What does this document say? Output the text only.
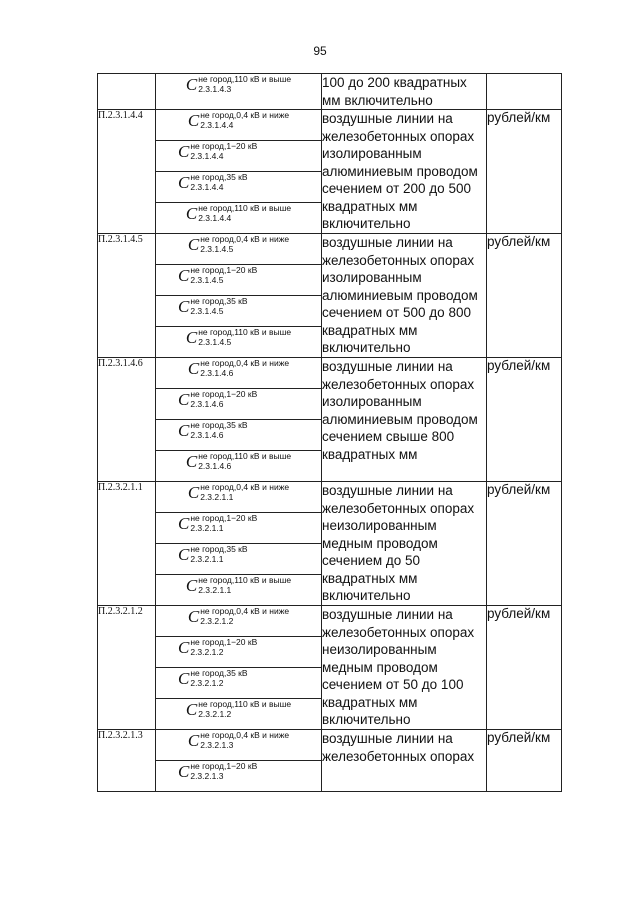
95

	C не город,110 кВ и выше
2.3.1.4.3	100 до 200 квадратных мм включительно	
П.2.3.1.4.4	C не город,0,4 кВ и ниже
2.3.1.4.4	воздушные линии на железобетонных опорах изолированным алюминиевым проводом сечением от 200 до 500 квадратных мм включительно	рублей/км

	C не город,1−20 кВ
2.3.1.4.4		

	C не город,35 кВ
2.3.1.4.4		

	C не город,110 кВ и выше
2.3.1.4.4		

П.2.3.1.4.5	C не город,0,4 кВ и ниже
2.3.1.4.5	воздушные линии на железобетонных опорах изолированным алюминиевым проводом сечением от 500 до 800 квадратных мм включительно	рублей/км

	C не город,1−20 кВ
2.3.1.4.5		

	C не город,35 кВ
2.3.1.4.5		

	C не город,110 кВ и выше
2.3.1.4.5		

П.2.3.1.4.6	C не город,0,4 кВ и ниже
2.3.1.4.6	воздушные линии на железобетонных опорах изолированным алюминиевым проводом сечением свыше 800 квадратных мм	рублей/км

	C не город,1−20 кВ
2.3.1.4.6		

	C не город,35 кВ
2.3.1.4.6		

	C не город,110 кВ и выше
2.3.1.4.6		

П.2.3.2.1.1	C не город,0,4 кВ и ниже
2.3.2.1.1	воздушные линии на железобетонных опорах неизолированным медным проводом сечением до 50 квадратных мм включительно	рублей/км

	C не город,1−20 кВ
2.3.2.1.1		

	C не город,35 кВ
2.3.2.1.1		

	C не город,110 кВ и выше
2.3.2.1.1		

П.2.3.2.1.2	C не город,0,4 кВ и ниже
2.3.2.1.2	воздушные линии на железобетонных опорах неизолированным медным проводом сечением от 50 до 100 квадратных мм включительно	рублей/км

	C не город,1−20 кВ
2.3.2.1.2		

	C не город,35 кВ
2.3.2.1.2		

	C не город,110 кВ и выше
2.3.2.1.2		

П.2.3.2.1.3	C не город,0,4 кВ и ниже
2.3.2.1.3	воздушные линии на железобетонных опорах	рублей/км

	C не город,1−20 кВ
2.3.2.1.3		
